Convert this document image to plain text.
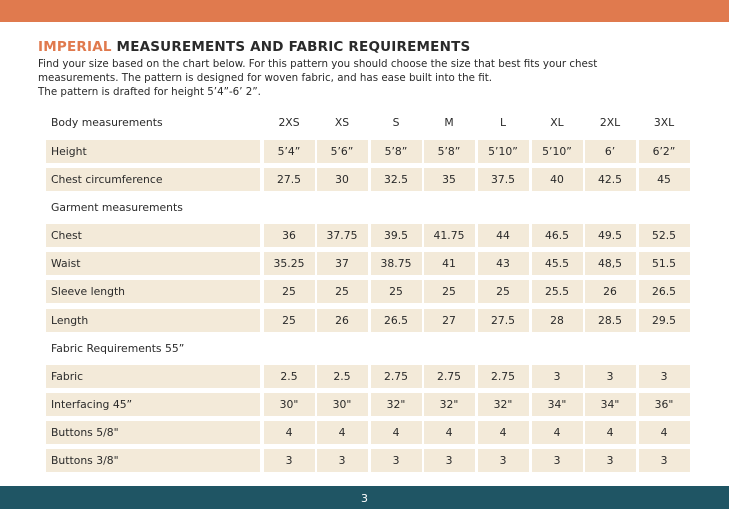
IMPERIAL MEASUREMENTS AND FABRIC REQUIREMENTS

Find your size based on the chart below. For this pattern you should choose the size that best fits your chest

measurements. The pattern is designed for woven fabric, and has ease built into the fit.

The pattern is drafted for height 5’4”-6’ 2”.

Body measurements	2XS	XS	S	M	L	XL	2XL	3XL
Height	5’4”	5’6”	5’8”	5’8”	5’10”	5’10”	6’	6’2”
Chest circumference	27.5	30	32.5	35	37.5	40	42.5	45
Garment measurements
Chest	36	37.75	39.5	41.75	44	46.5	49.5	52.5
Waist	35.25	37	38.75	41	43	45.5	48,5	51.5
Sleeve length	25	25	25	25	25	25.5	26	26.5
Length	25	26	26.5	27	27.5	28	28.5	29.5
Fabric Requirements 55”
Fabric	2.5	2.5	2.75	2.75	2.75	3	3	3
Interfacing 45”	30"	30"	32"	32"	32"	34"	34"	36"
Buttons 5/8"	4	4	4	4	4	4	4	4
Buttons 3/8"	3	3	3	3	3	3	3	3
3
